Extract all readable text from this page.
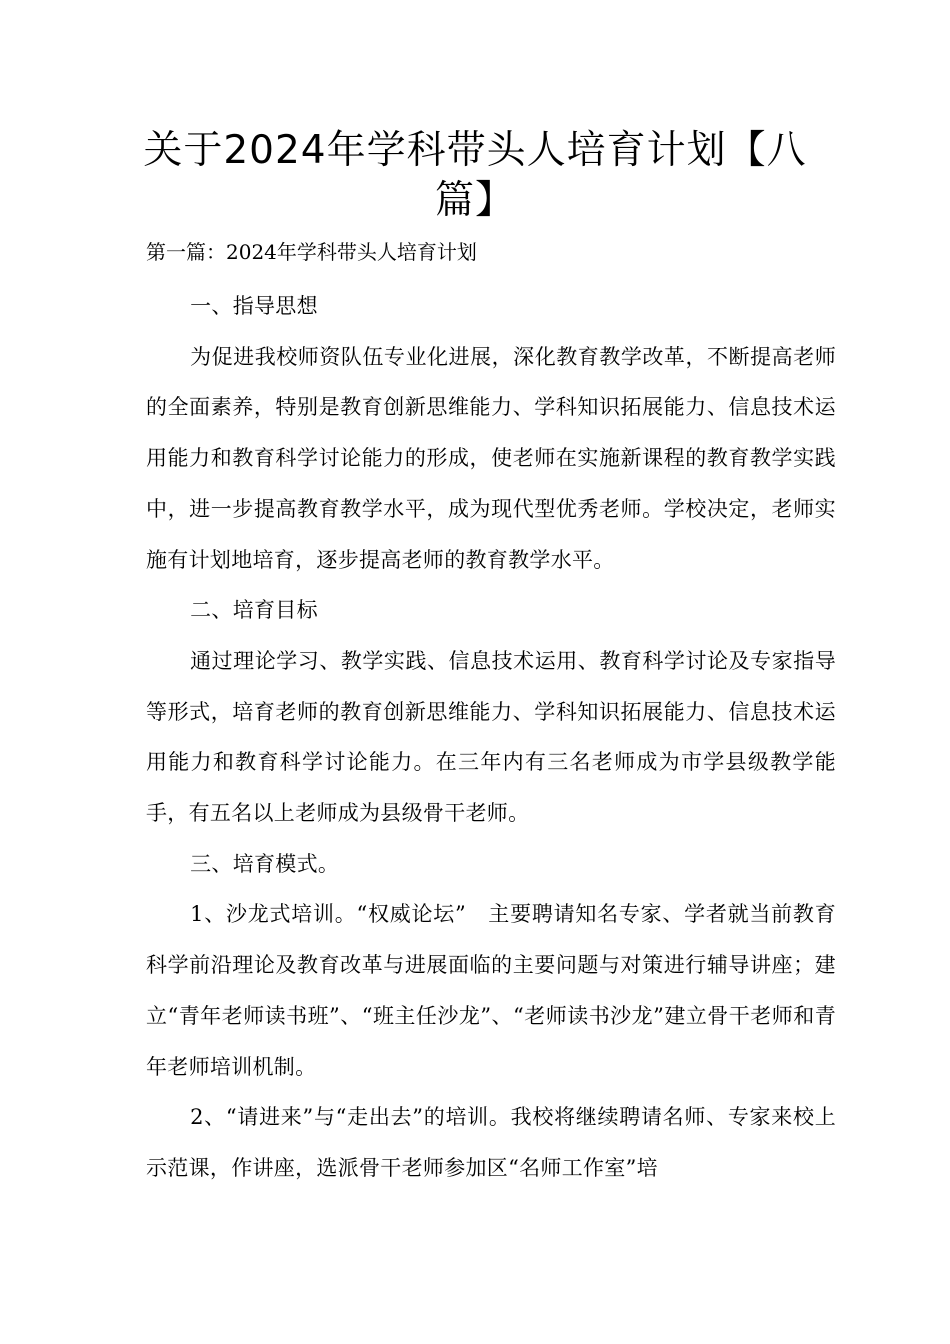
关于2024年学科带头人培育计划【八篇】
第一篇：2024年学科带头人培育计划

一、指导思想

为促进我校师资队伍专业化进展，深化教育教学改革，不断提高老师的全面素养，特别是教育创新思维能力、学科知识拓展能力、信息技术运用能力和教育科学讨论能力的形成，使老师在实施新课程的教育教学实践中，进一步提高教育教学水平，成为现代型优秀老师。学校决定，老师实施有计划地培育，逐步提高老师的教育教学水平。

二、培育目标

通过理论学习、教学实践、信息技术运用、教育科学讨论及专家指导等形式，培育老师的教育创新思维能力、学科知识拓展能力、信息技术运用能力和教育科学讨论能力。在三年内有三名老师成为市学县级教学能手，有五名以上老师成为县级骨干老师。

三、培育模式。

1、沙龙式培训。“权威论坛”　主要聘请知名专家、学者就当前教育科学前沿理论及教育改革与进展面临的主要问题与对策进行辅导讲座；建立“青年老师读书班”、“班主任沙龙”、“老师读书沙龙”建立骨干老师和青年老师培训机制。

2、“请进来”与“走出去”的培训。我校将继续聘请名师、专家来校上示范课，作讲座，选派骨干老师参加区“名师工作室”培
